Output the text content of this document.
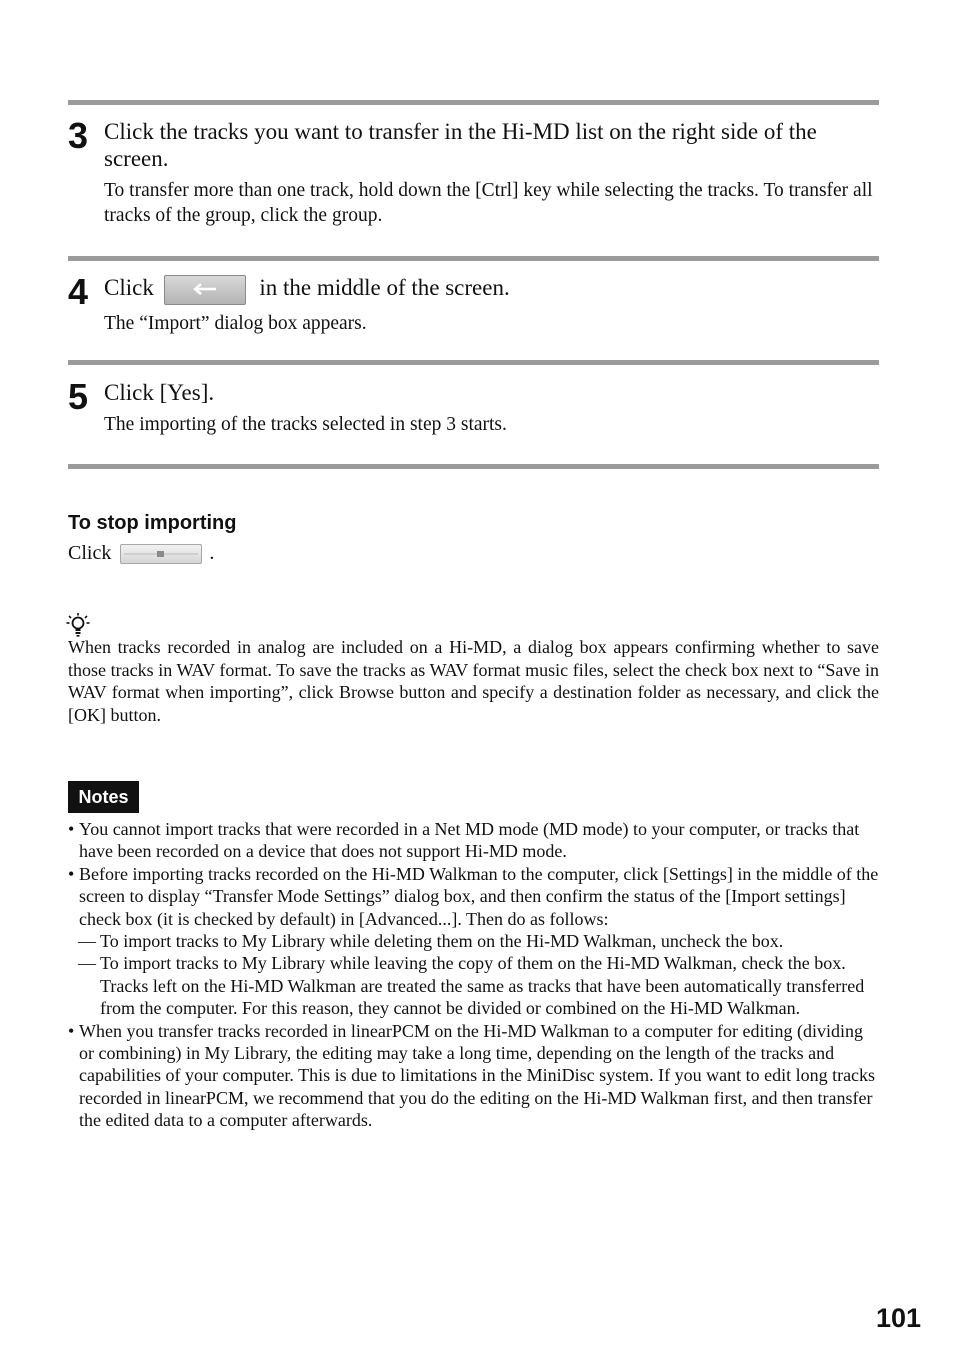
3 Click the tracks you want to transfer in the Hi-MD list on the right side of the screen.
To transfer more than one track, hold down the [Ctrl] key while selecting the tracks. To transfer all tracks of the group, click the group.
4 Click	in the middle of the screen.
The “Import” dialog box appears.
5 Click [Yes].
The importing of the tracks selected in step 3 starts.
To stop importing
Click	.
When tracks recorded in analog are included on a Hi-MD, a dialog box appears confirming whether to save those tracks in WAV format. To save the tracks as WAV format music files, select the check box next to “Save in WAV format when importing”, click Browse button and specify a destination folder as necessary, and click the [OK] button.
Notes
• You cannot import tracks that were recorded in a Net MD mode (MD mode) to your computer, or tracks that have been recorded on a device that does not support Hi-MD mode.
• Before importing tracks recorded on the Hi-MD Walkman to the computer, click [Settings] in the middle of the screen to display “Transfer Mode Settings” dialog box, and then confirm the status of the [Import settings] check box (it is checked by default) in [Advanced...]. Then do as follows:
— To import tracks to My Library while deleting them on the Hi-MD Walkman, uncheck the box.
— To import tracks to My Library while leaving the copy of them on the Hi-MD Walkman, check the box. Tracks left on the Hi-MD Walkman are treated the same as tracks that have been automatically transferred from the computer. For this reason, they cannot be divided or combined on the Hi-MD Walkman.
• When you transfer tracks recorded in linearPCM on the Hi-MD Walkman to a computer for editing (dividing or combining) in My Library, the editing may take a long time, depending on the length of the tracks and capabilities of your computer. This is due to limitations in the MiniDisc system. If you want to edit long tracks recorded in linearPCM, we recommend that you do the editing on the Hi-MD Walkman first, and then transfer the edited data to a computer afterwards.
101
